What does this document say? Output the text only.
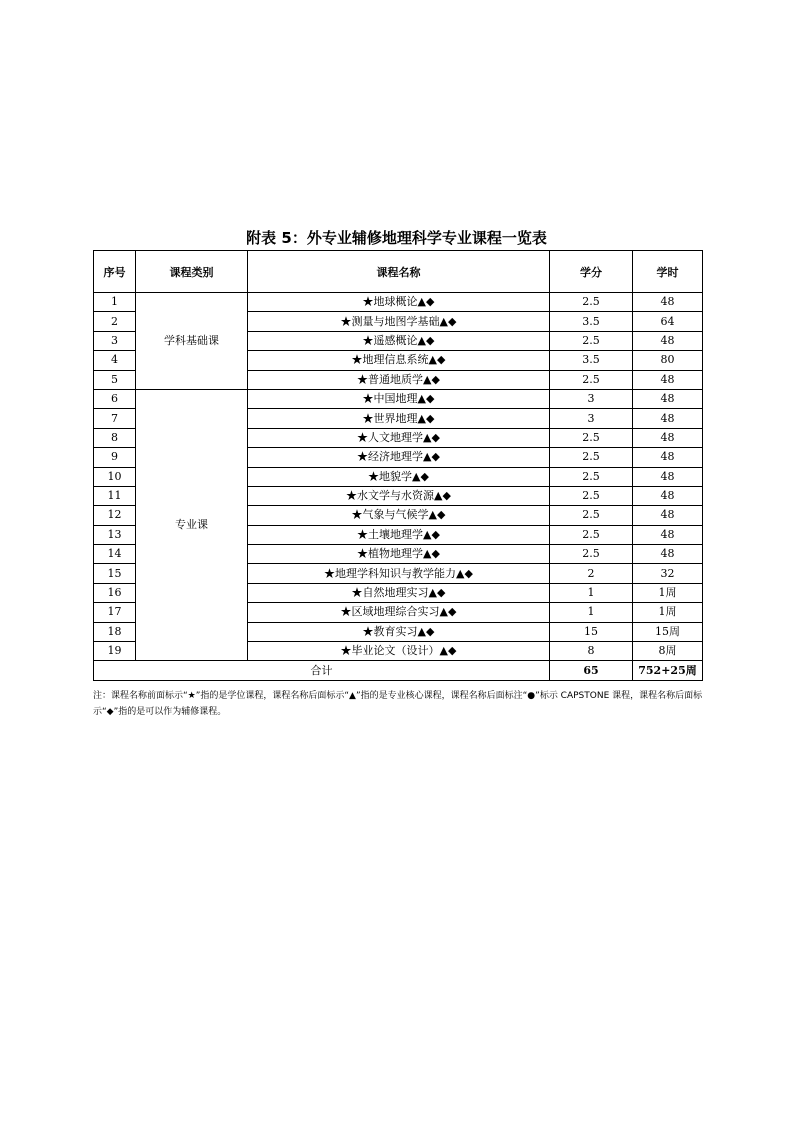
附表 5：外专业辅修地理科学专业课程一览表
序号	课程类别	课程名称	学分	学时
1	学科基础课	★地球概论▲◆	2.5	48
2		★测量与地图学基础▲◆	3.5	64
3		★遥感概论▲◆	2.5	48
4		★地理信息系统▲◆	3.5	80
5		★普通地质学▲◆	2.5	48
6	专业课	★中国地理▲◆	3	48
7		★世界地理▲◆	3	48
8		★人文地理学▲◆	2.5	48
9		★经济地理学▲◆	2.5	48
10		★地貌学▲◆	2.5	48
11		★水文学与水资源▲◆	2.5	48
12		★气象与气候学▲◆	2.5	48
13		★土壤地理学▲◆	2.5	48
14		★植物地理学▲◆	2.5	48
15		★地理学科知识与教学能力▲◆	2	32
16		★自然地理实习▲◆	1	1周
17		★区域地理综合实习▲◆	1	1周
18		★教育实习▲◆	15	15周
19		★毕业论文（设计）▲◆	8	8周
合计			65	752+25周
注：课程名称前面标示“★”指的是学位课程，课程名称后面标示“▲”指的是专业核心课程，课程名称后面标注“●”标示 CAPSTONE 课程，课程名称后面标示“◆”指的是可以作为辅修课程。
